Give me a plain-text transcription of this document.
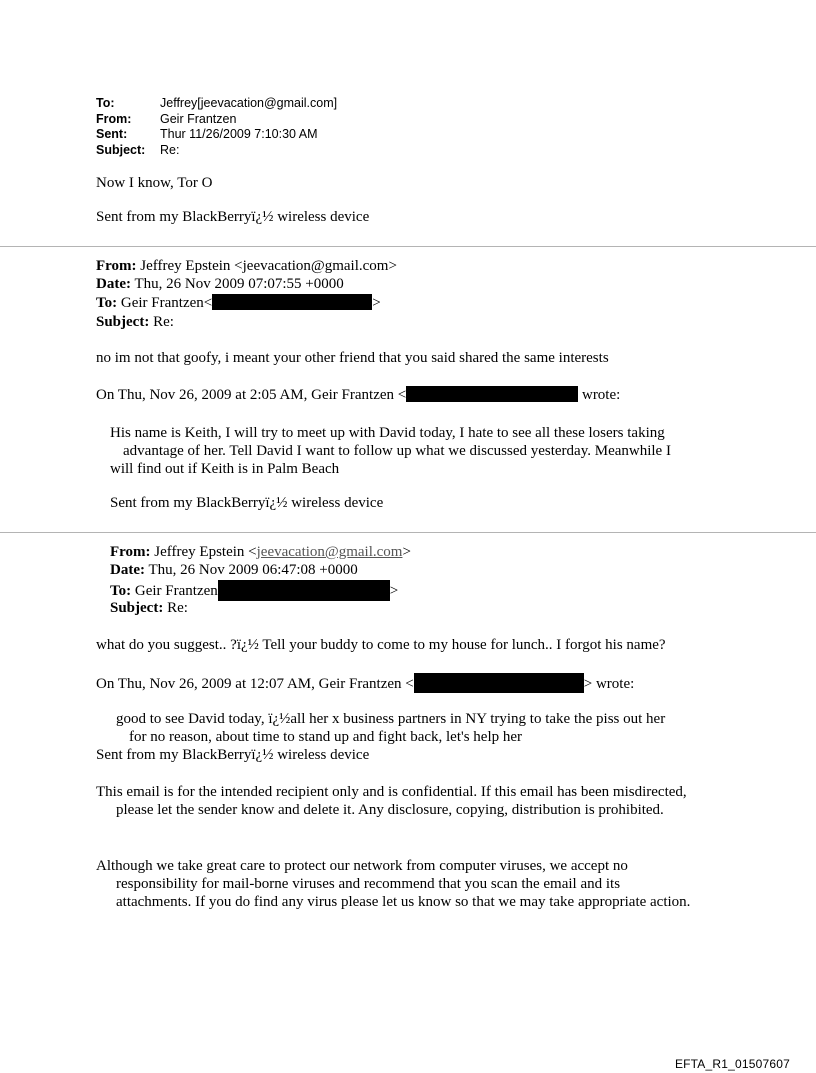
To:	Jeffrey[jeevacation@gmail.com]
From:	Geir Frantzen
Sent:	Thur 11/26/2009 7:10:30 AM
Subject:	Re:
Now I know, Tor O
Sent from my BlackBerryï¿½ wireless device
From: Jeffrey Epstein <jeevacation@gmail.com>
Date: Thu, 26 Nov 2009 07:07:55 +0000
To: Geir Frantzen<	>
Subject: Re:
no im not that goofy, i meant your other friend that you said shared the same interests
On Thu, Nov 26, 2009 at 2:05 AM, Geir Frantzen <	wrote:

His name is Keith, I will try to meet up with David today, I hate to see all these losers taking

advantage of her. Tell David I want to follow up what we discussed yesterday. Meanwhile I

will find out if Keith is in Palm Beach

Sent from my BlackBerryï¿½ wireless device
From: Jeffrey Epstein <jeevacation@gmail.com>
Date: Thu, 26 Nov 2009 06:47:08 +0000
To: Geir Frantzen	>
Subject: Re:
what do you suggest.. ?ï¿½ Tell your buddy to come to my house for lunch.. I forgot his name?
On Thu, Nov 26, 2009 at 12:07 AM, Geir Frantzen <	> wrote:

good to see David today, ï¿½all her x business partners in NY trying to take the piss out her

for no reason, about time to stand up and fight back, let's help her

Sent from my BlackBerryï¿½ wireless device

This email is for the intended recipient only and is confidential. If this email has been misdirected, please let the sender know and delete it. Any disclosure, copying, distribution is prohibited.

Although we take great care to protect our network from computer viruses, we accept no responsibility for mail-borne viruses and recommend that you scan the email and its attachments. If you do find any virus please let us know so that we may take appropriate action.

EFTA_R1_01507607
